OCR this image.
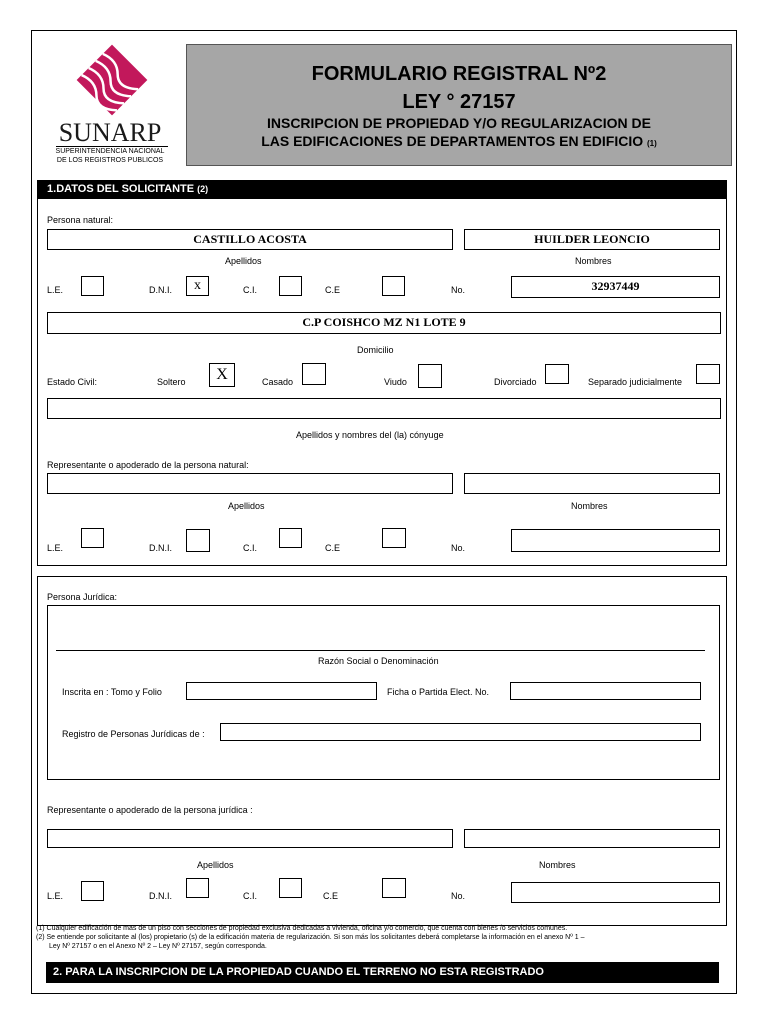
SUNARP
SUPERINTENDENCIA NACIONAL
DE LOS REGISTROS PUBLICOS
FORMULARIO REGISTRAL Nº2
LEY ° 27157
INSCRIPCION DE PROPIEDAD Y/O REGULARIZACION DE
LAS EDIFICACIONES DE DEPARTAMENTOS EN EDIFICIO (1)
1.DATOS DEL SOLICITANTE (2)
Persona natural:
CASTILLO ACOSTA	HUILDER LEONCIO
Apellidos	Nombres
L.E.	D.N.I.	x	C.I.	C.E	No.	32937449
C.P COISHCO MZ N1 LOTE 9
Domicilio
Estado Civil:	Soltero	X	Casado	Viudo	Divorciado	Separado judicialmente
Apellidos y nombres del (la) cónyuge
Representante o apoderado de la persona natural:
Apellidos	Nombres
L.E.	D.N.I.	C.I.	C.E	No.
Persona Jurídica:
Razón Social o Denominación
Inscrita en : Tomo y Folio	Ficha o Partida Elect. No.
Registro de Personas Jurídicas de :
Representante o apoderado de la persona jurídica :
Apellidos	Nombres
L.E.	D.N.I.	C.I.	C.E	No.
(1) Cualquier edificación de mas de un piso con secciones de propiedad exclusiva dedicadas a vivienda, oficina y/o comercio, que cuenta con bienes /o servicios comunes.
(2) Se entiende por solicitante al (los) propietario (s) de la edificación materia de regularización. Si son más los solicitantes deberá completarse la información en el anexo Nº 1 –
Ley Nº 27157 o en el Anexo Nº 2 – Ley Nº 27157, según corresponda.
2. PARA LA INSCRIPCION DE LA PROPIEDAD CUANDO EL TERRENO NO ESTA REGISTRADO
